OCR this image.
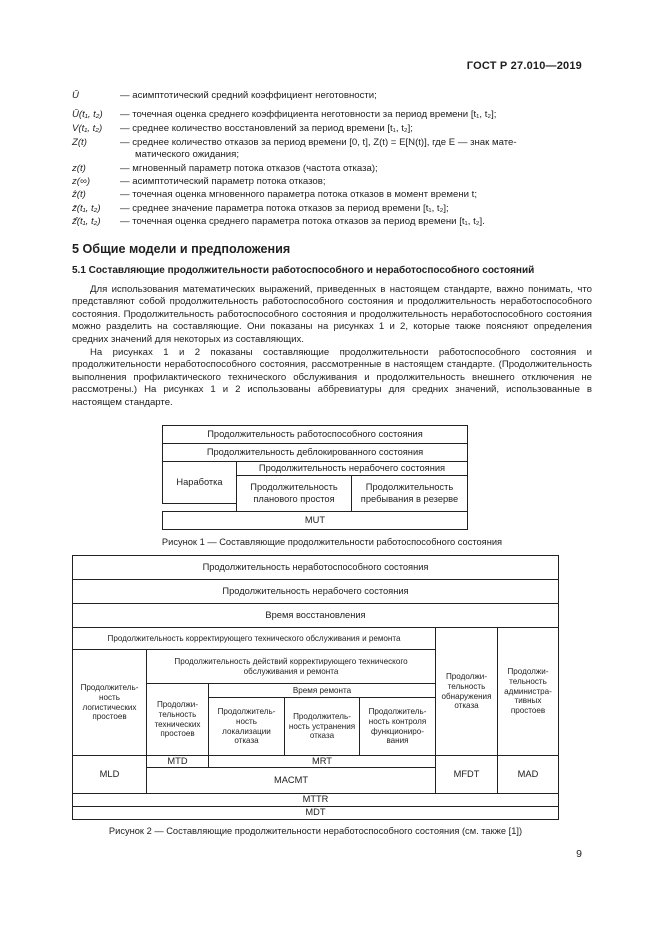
ГОСТ Р 27.010—2019
Ū	— асимптотический средний коэффициент неготовности;
Ū(t₁, t₂)	— точечная оценка среднего коэффициента неготовности за период времени [t₁, t₂];
V(t₁, t₂)	— среднее количество восстановлений за период времени [t₁, t₂];
Z(t)	— среднее количество отказов за период времени [0, t], Z(t) = E[N(t)], где E — знак мате-
матического ожидания;
z(t)	— мгновенный параметр потока отказов (частота отказа);
z(∞)	— асимптотический параметр потока отказов;
ẑ(t)	— точечная оценка мгновенного параметра потока отказов в момент времени t;
z̄(t₁, t₂)	— среднее значение параметра потока отказов за период времени [t₁, t₂];
z̄̂(t₁, t₂)	— точечная оценка среднего параметра потока отказов за период времени [t₁, t₂].
5 Общие модели и предположения
5.1 Составляющие продолжительности работоспособного и неработоспособного состояний

Для использования математических выражений, приведенных в настоящем стандарте, важно понимать, что представляют собой продолжительность работоспособного состояния и продолжительность неработоспособного состояния. Продолжительность работоспособного состояния и продолжительность неработоспособного состояния можно разделить на составляющие. Они показаны на рисунках 1 и 2, которые также поясняют определения средних значений для некоторых из составляющих.

На рисунках 1 и 2 показаны составляющие продолжительности работоспособного состояния и продолжительности неработоспособного состояния, рассмотренные в настоящем стандарте. (Продолжительность выполнения профилактического технического обслуживания и продолжительность внешнего отключения не рассмотрены.) На рисунках 1 и 2 использованы аббревиатуры для средних значений, использованные в настоящем стандарте.

Продолжительность работоспособного состояния
Продолжительность деблокированного состояния
Наработка
Продолжительность нерабочего состояния
Продолжительность планового простоя
Продолжительность пребывания в резерве
MUT
Рисунок 1 — Составляющие продолжительности работоспособного состояния
Продолжительность неработоспособного состояния
Продолжительность нерабочего состояния
Время восстановления
Продолжительность корректирующего технического обслуживания и ремонта
Продолжительность обнаружения отказа
Продолжительность административных простоев
Продолжительность логистических простоев
Продолжительность действий корректирующего технического обслуживания и ремонта
Продолжительность технических простоев
Время ремонта
Продолжительность локализации отказа
Продолжительность устранения отказа
Продолжительность контроля функционирования
MLD
MTD	MRT
MACMT
MFDT	MAD
MTTR
MDT
Рисунок 2 — Составляющие продолжительности неработоспособного состояния (см. также [1])
9
